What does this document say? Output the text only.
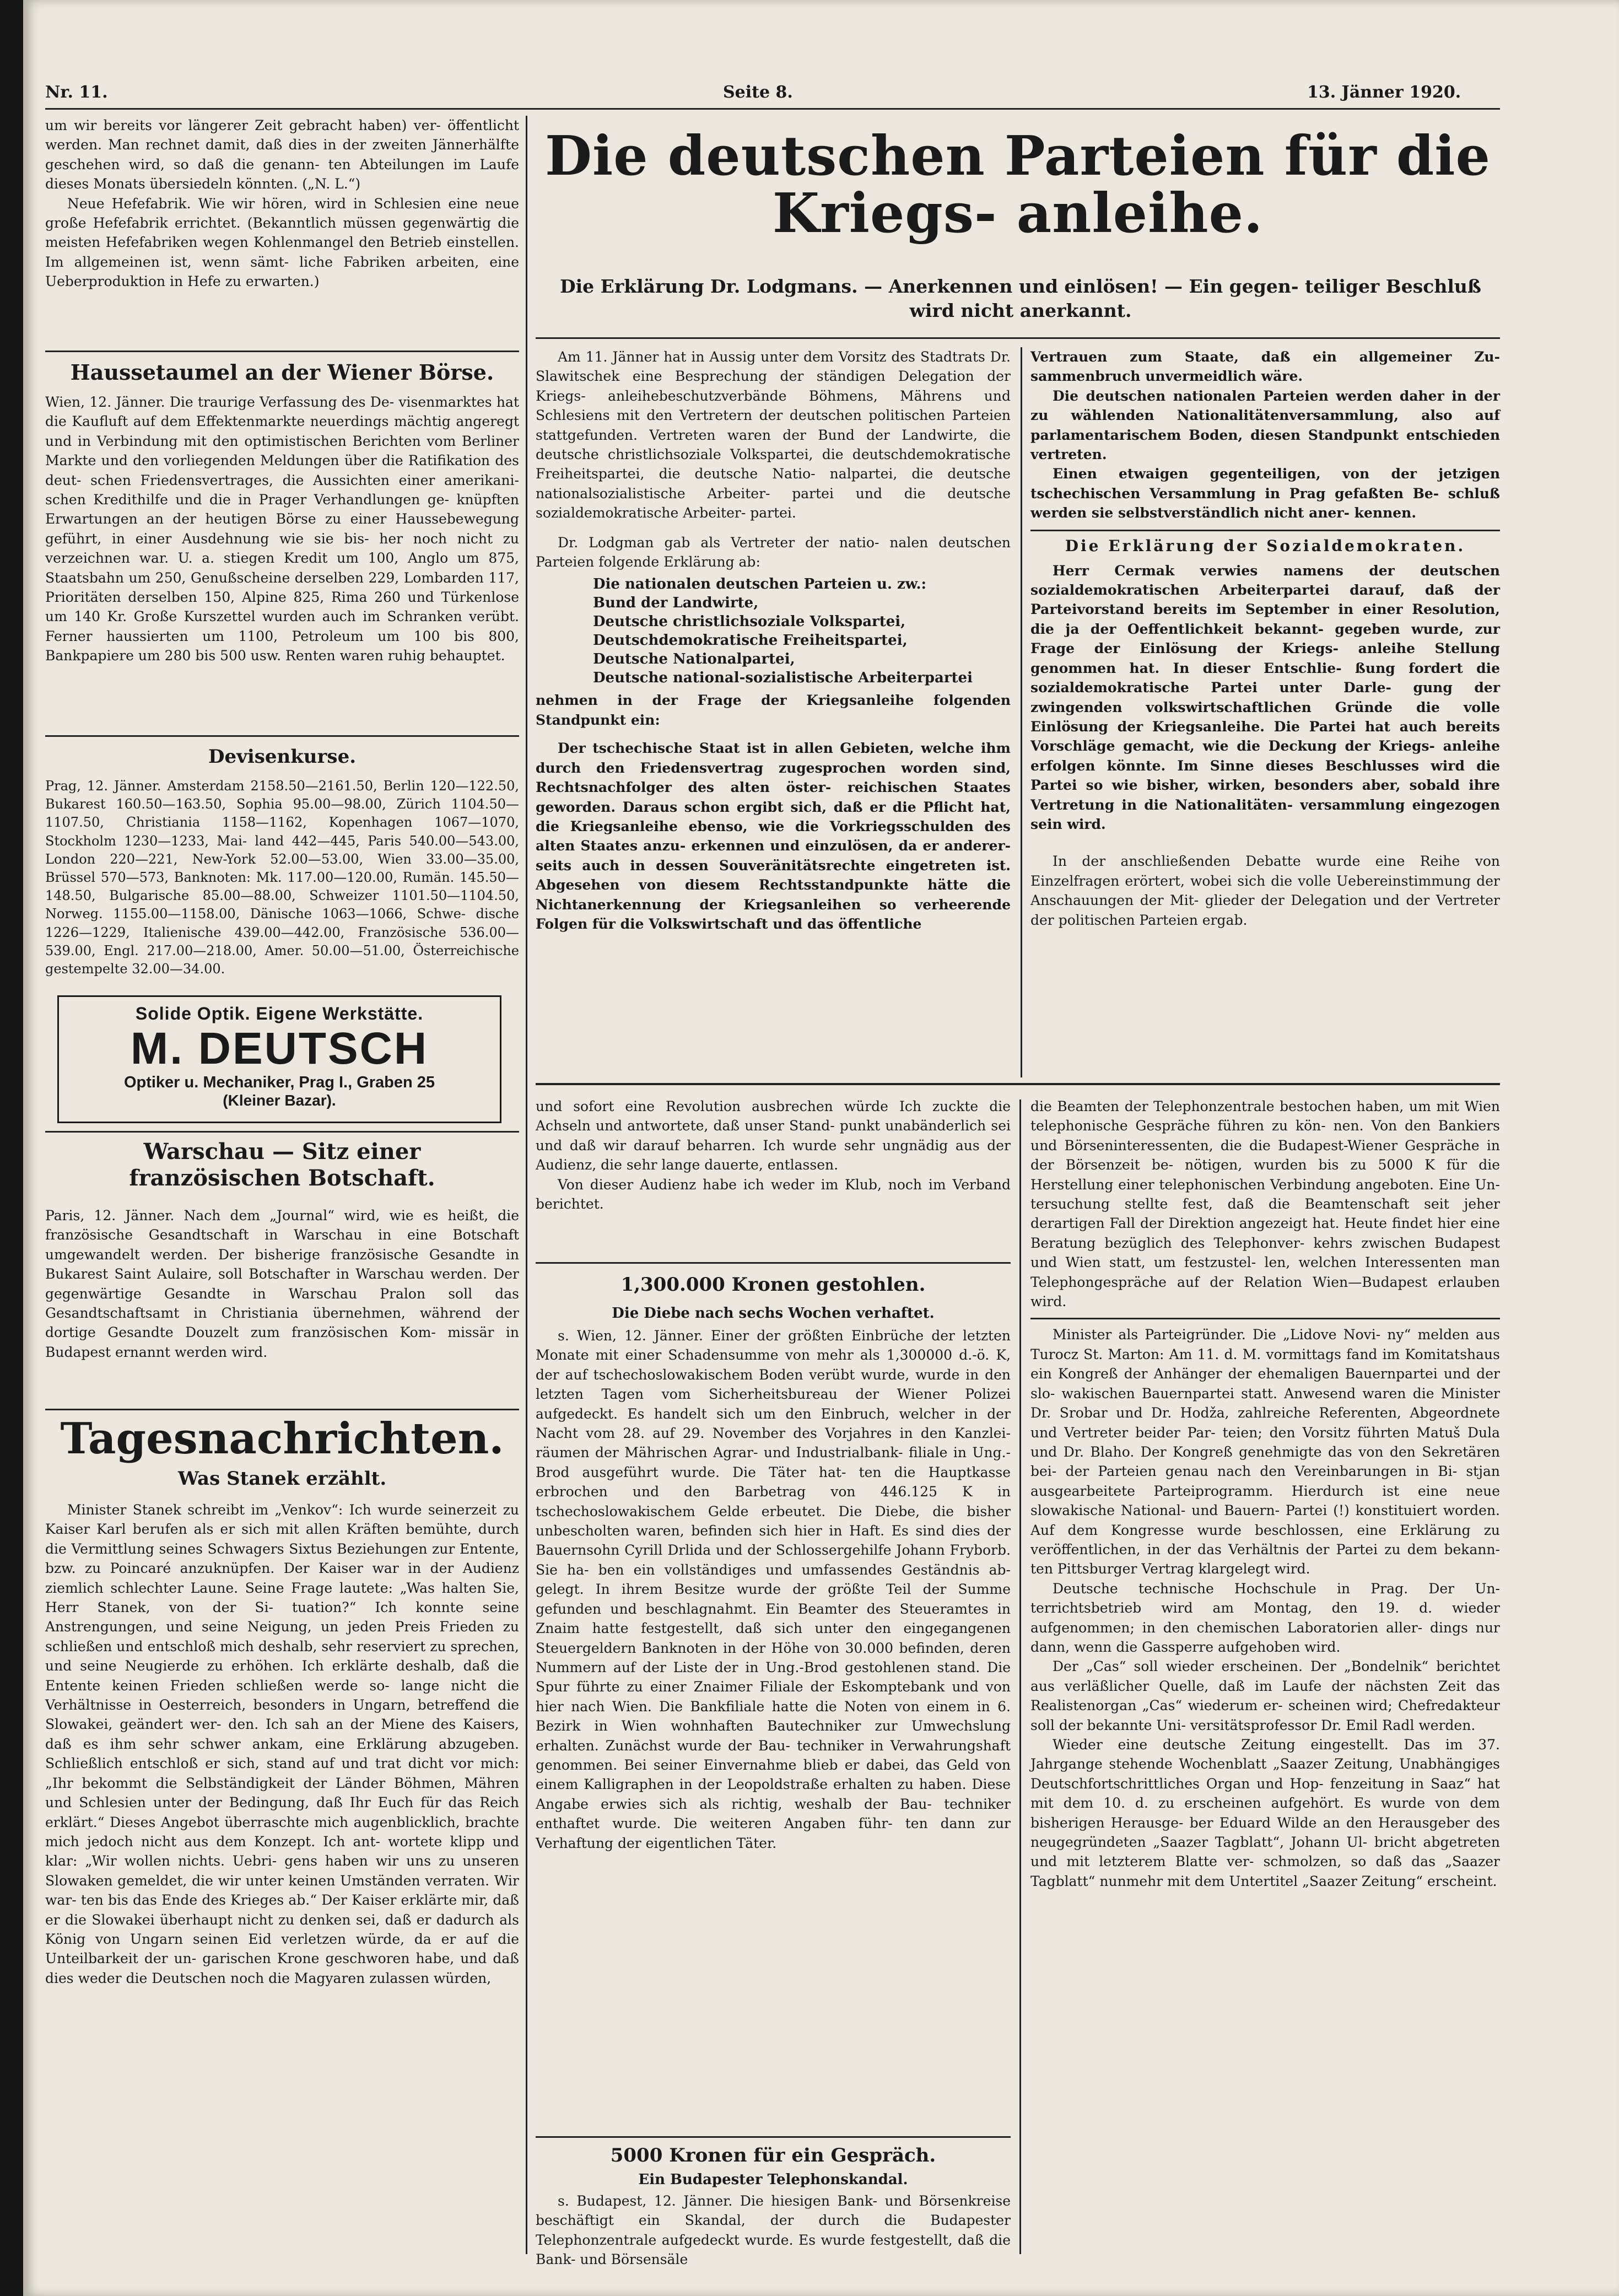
Nr. 11.	Seite 8.	13. Jänner 1920.

um wir bereits vor längerer Zeit gebracht haben) ver- öffentlicht werden. Man rechnet damit, daß dies in der zweiten Jännerhälfte geschehen wird, so daß die genann- ten Abteilungen im Laufe dieses Monats übersiedeln könnten. („N. L.“)

Neue Hefefabrik. Wie wir hören, wird in Schlesien eine neue große Hefefabrik errichtet. (Bekanntlich müssen gegenwärtig die meisten Hefefabriken wegen Kohlenmangel den Betrieb einstellen. Im allgemeinen ist, wenn sämt- liche Fabriken arbeiten, eine Ueberproduktion in Hefe zu erwarten.)

Haussetaumel an der Wiener Börse.
Wien, 12. Jänner. Die traurige Verfassung des De- visenmarktes hat die Kaufluft auf dem Effektenmarkte neuerdings mächtig angeregt und in Verbindung mit den optimistischen Berichten vom Berliner Markte und den vorliegenden Meldungen über die Ratifikation des deut- schen Friedensvertrages, die Aussichten einer amerikani- schen Kredithilfe und die in Prager Verhandlungen ge- knüpften Erwartungen an der heutigen Börse zu einer Haussebewegung geführt, in einer Ausdehnung wie sie bis- her noch nicht zu verzeichnen war. U. a. stiegen Kredit um 100, Anglo um 875, Staatsbahn um 250, Genußscheine derselben 229, Lombarden 117, Prioritäten derselben 150, Alpine 825, Rima 260 und Türkenlose um 140 Kr. Große Kurszettel wurden auch im Schranken verübt. Ferner haussierten um 1100, Petroleum um 100 bis 800, Bankpapiere um 280 bis 500 usw. Renten waren ruhig behauptet.
Devisenkurse.
Prag, 12. Jänner. Amsterdam 2158.50—2161.50, Berlin 120—122.50, Bukarest 160.50—163.50, Sophia 95.00—98.00, Zürich 1104.50—1107.50, Christiania 1158—1162, Kopenhagen 1067—1070, Stockholm 1230—1233, Mai- land 442—445, Paris 540.00—543.00, London 220—221, New-York 52.00—53.00, Wien 33.00—35.00, Brüssel 570—573, Banknoten: Mk. 117.00—120.00, Rumän. 145.50—148.50, Bulgarische 85.00—88.00, Schweizer 1101.50—1104.50, Norweg. 1155.00—1158.00, Dänische 1063—1066, Schwe- dische 1226—1229, Italienische 439.00—442.00, Französische 536.00—539.00, Engl. 217.00—218.00, Amer. 50.00—51.00, Österreichische gestempelte 32.00—34.00.
Solide Optik. Eigene Werkstätte.
M. DEUTSCH
Optiker u. Mechaniker, Prag I., Graben 25
(Kleiner Bazar).
Warschau — Sitz einer französischen Botschaft.
Paris, 12. Jänner. Nach dem „Journal“ wird, wie es heißt, die französische Gesandtschaft in Warschau in eine Botschaft umgewandelt werden. Der bisherige französische Gesandte in Bukarest Saint Aulaire, soll Botschafter in Warschau werden. Der gegenwärtige Gesandte in Warschau Pralon soll das Gesandtschaftsamt in Christiania übernehmen, während der dortige Gesandte Douzelt zum französischen Kom- missär in Budapest ernannt werden wird.
Tagesnachrichten.
Was Stanek erzählt.
Minister Stanek schreibt im „Venkov“: Ich wurde seinerzeit zu Kaiser Karl berufen als er sich mit allen Kräften bemühte, durch die Vermittlung seines Schwagers Sixtus Beziehungen zur Entente, bzw. zu Poincaré anzuknüpfen. Der Kaiser war in der Audienz ziemlich schlechter Laune. Seine Frage lautete: „Was halten Sie, Herr Stanek, von der Si- tuation?“ Ich konnte seine Anstrengungen, und seine Neigung, un jeden Preis Frieden zu schließen und entschloß mich deshalb, sehr reserviert zu sprechen, und seine Neugierde zu erhöhen. Ich erklärte deshalb, daß die Entente keinen Frieden schließen werde so- lange nicht die Verhältnisse in Oesterreich, besonders in Ungarn, betreffend die Slowakei, geändert wer- den. Ich sah an der Miene des Kaisers, daß es ihm sehr schwer ankam, eine Erklärung abzugeben. Schließlich entschloß er sich, stand auf und trat dicht vor mich: „Ihr bekommt die Selbständigkeit der Länder Böhmen, Mähren und Schlesien unter der Bedingung, daß Ihr Euch für das Reich erklärt.“ Dieses Angebot überraschte mich augenblicklich, brachte mich jedoch nicht aus dem Konzept. Ich ant- wortete klipp und klar: „Wir wollen nichts. Uebri- gens haben wir uns zu unseren Slowaken gemeldet, die wir unter keinen Umständen verraten. Wir war- ten bis das Ende des Krieges ab.“ Der Kaiser erklärte mir, daß er die Slowakei überhaupt nicht zu denken sei, daß er dadurch als König von Ungarn seinen Eid verletzen würde, da er auf die Unteilbarkeit der un- garischen Krone geschworen habe, und daß dies weder die Deutschen noch die Magyaren zulassen würden,
Die deutschen Parteien für die Kriegs- anleihe.
Die Erklärung Dr. Lodgmans. — Anerkennen und einlösen! — Ein gegen- teiliger Beschluß wird nicht anerkannt.

Am 11. Jänner hat in Aussig unter dem Vorsitz des Stadtrats Dr. Slawitschek eine Besprechung der ständigen Delegation der Kriegs- anleihebeschutzverbände Böhmens, Mährens und Schlesiens mit den Vertretern der deutschen politischen Parteien stattgefunden. Vertreten waren der Bund der Landwirte, die deutsche christlichsoziale Volkspartei, die deutschdemokratische Freiheitspartei, die deutsche Natio- nalpartei, die deutsche nationalsozialistische Arbeiter- partei und die deutsche sozialdemokratische Arbeiter- partei.

Dr. Lodgman gab als Vertreter der natio- nalen deutschen Parteien folgende Erklärung ab:

Die nationalen deutschen Parteien u. zw.:
Bund der Landwirte,
Deutsche christlichsoziale Volkspartei,
Deutschdemokratische Freiheitspartei,
Deutsche Nationalpartei,
Deutsche national-sozialistische Arbeiterpartei

nehmen in der Frage der Kriegsanleihe folgenden Standpunkt ein:

Der tschechische Staat ist in allen Gebieten, welche ihm durch den Friedensvertrag zugesprochen worden sind, Rechtsnachfolger des alten öster- reichischen Staates geworden. Daraus schon ergibt sich, daß er die Pflicht hat, die Kriegsanleihe ebenso, wie die Vorkriegsschulden des alten Staates anzu- erkennen und einzulösen, da er anderer- seits auch in dessen Souveränitätsrechte eingetreten ist. Abgesehen von diesem Rechtsstandpunkte hätte die Nichtanerkennung der Kriegsanleihen so verheerende Folgen für die Volkswirtschaft und das öffentliche

Vertrauen zum Staate, daß ein allgemeiner Zu- sammenbruch unvermeidlich wäre.

Die deutschen nationalen Parteien werden daher in der zu wählenden Nationalitätenversammlung, also auf parlamentarischem Boden, diesen Standpunkt entschieden vertreten.

Einen etwaigen gegenteiligen, von der jetzigen tschechischen Versammlung in Prag gefaßten Be- schluß werden sie selbstverständlich nicht aner- kennen.

Die Erklärung der Sozialdemokraten.

Herr Cermak verwies namens der deutschen sozialdemokratischen Arbeiterpartei darauf, daß der Parteivorstand bereits im September in einer Resolution, die ja der Oeffentlichkeit bekannt- gegeben wurde, zur Frage der Einlösung der Kriegs- anleihe Stellung genommen hat. In dieser Entschlie- ßung fordert die sozialdemokratische Partei unter Darle- gung der zwingenden volkswirtschaftlichen Gründe die volle Einlösung der Kriegsanleihe. Die Partei hat auch bereits Vorschläge gemacht, wie die Deckung der Kriegs- anleihe erfolgen könnte. Im Sinne dieses Beschlusses wird die Partei so wie bisher, wirken, besonders aber, sobald ihre Vertretung in die Nationalitäten- versammlung eingezogen sein wird.

In der anschließenden Debatte wurde eine Reihe von Einzelfragen erörtert, wobei sich die volle Uebereinstimmung der Anschauungen der Mit- glieder der Delegation und der Vertreter der politischen Parteien ergab.

und sofort eine Revolution ausbrechen würde Ich zuckte die Achseln und antwortete, daß unser Stand- punkt unabänderlich sei und daß wir darauf beharren. Ich wurde sehr ungnädig aus der Audienz, die sehr lange dauerte, entlassen.

Von dieser Audienz habe ich weder im Klub, noch im Verband berichtet.

1,300.000 Kronen gestohlen.
Die Diebe nach sechs Wochen verhaftet.
s. Wien, 12. Jänner. Einer der größten Einbrüche der letzten Monate mit einer Schadensumme von mehr als 1,300000 d.-ö. K, der auf tschechoslowakischem Boden verübt wurde, wurde in den letzten Tagen vom Sicherheitsbureau der Wiener Polizei aufgedeckt. Es handelt sich um den Einbruch, welcher in der Nacht vom 28. auf 29. November des Vorjahres in den Kanzlei- räumen der Mährischen Agrar- und Industrialbank- filiale in Ung.-Brod ausgeführt wurde. Die Täter hat- ten die Hauptkasse erbrochen und den Barbetrag von 446.125 K in tschechoslowakischem Gelde erbeutet. Die Diebe, die bisher unbescholten waren, befinden sich hier in Haft. Es sind dies der Bauernsohn Cyrill Drlida und der Schlossergehilfe Johann Fryborb. Sie ha- ben ein vollständiges und umfassendes Geständnis ab- gelegt. In ihrem Besitze wurde der größte Teil der Summe gefunden und beschlagnahmt. Ein Beamter des Steueramtes in Znaim hatte festgestellt, daß sich unter den eingegangenen Steuergeldern Banknoten in der Höhe von 30.000 befinden, deren Nummern auf der Liste der in Ung.-Brod gestohlenen stand. Die Spur führte zu einer Znaimer Filiale der Eskomptebank und von hier nach Wien. Die Bankfiliale hatte die Noten von einem in 6. Bezirk in Wien wohnhaften Bautechniker zur Umwechslung erhalten. Zunächst wurde der Bau- techniker in Verwahrungshaft genommen. Bei seiner Einvernahme blieb er dabei, das Geld von einem Kalligraphen in der Leopoldstraße erhalten zu haben. Diese Angabe erwies sich als richtig, weshalb der Bau- techniker enthaftet wurde. Die weiteren Angaben führ- ten dann zur Verhaftung der eigentlichen Täter.
5000 Kronen für ein Gespräch.
Ein Budapester Telephonskandal.
s. Budapest, 12. Jänner. Die hiesigen Bank- und Börsenkreise beschäftigt ein Skandal, der durch die Budapester Telephonzentrale aufgedeckt wurde. Es wurde festgestellt, daß die Bank- und Börsensäle

die Beamten der Telephonzentrale bestochen haben, um mit Wien telephonische Gespräche führen zu kön- nen. Von den Bankiers und Börseninteressenten, die die Budapest-Wiener Gespräche in der Börsenzeit be- nötigen, wurden bis zu 5000 K für die Herstellung einer telephonischen Verbindung angeboten. Eine Un- tersuchung stellte fest, daß die Beamtenschaft seit jeher derartigen Fall der Direktion angezeigt hat. Heute findet hier eine Beratung bezüglich des Telephonver- kehrs zwischen Budapest und Wien statt, um festzustel- len, welchen Interessenten man Telephongespräche auf der Relation Wien—Budapest erlauben wird.

Minister als Parteigründer. Die „Lidove Novi- ny“ melden aus Turocz St. Marton: Am 11. d. M. vormittags fand im Komitatshaus ein Kongreß der Anhänger der ehemaligen Bauernpartei und der slo- wakischen Bauernpartei statt. Anwesend waren die Minister Dr. Srobar und Dr. Hodža, zahlreiche Referenten, Abgeordnete und Vertreter beider Par- teien; den Vorsitz führten Matuš Dula und Dr. Blaho. Der Kongreß genehmigte das von den Sekretären bei- der Parteien genau nach den Vereinbarungen in Bi- stjan ausgearbeitete Parteiprogramm. Hierdurch ist eine neue slowakische National- und Bauern- Partei (!) konstituiert worden. Auf dem Kongresse wurde beschlossen, eine Erklärung zu veröffentlichen, in der das Verhältnis der Partei zu dem bekann- ten Pittsburger Vertrag klargelegt wird.

Deutsche technische Hochschule in Prag. Der Un- terrichtsbetrieb wird am Montag, den 19. d. wieder aufgenommen; in den chemischen Laboratorien aller- dings nur dann, wenn die Gassperre aufgehoben wird.

Der „Cas“ soll wieder erscheinen. Der „Bondelnik“ berichtet aus verläßlicher Quelle, daß im Laufe der nächsten Zeit das Realistenorgan „Cas“ wiederum er- scheinen wird; Chefredakteur soll der bekannte Uni- versitätsprofessor Dr. Emil Radl werden.

Wieder eine deutsche Zeitung eingestellt. Das im 37. Jahrgange stehende Wochenblatt „Saazer Zeitung, Unabhängiges Deutschfortschrittliches Organ und Hop- fenzeitung in Saaz“ hat mit dem 10. d. zu erscheinen aufgehört. Es wurde von dem bisherigen Herausge- ber Eduard Wilde an den Herausgeber des neugegründeten „Saazer Tagblatt“, Johann Ul- bricht abgetreten und mit letzterem Blatte ver- schmolzen, so daß das „Saazer Tagblatt“ nunmehr mit dem Untertitel „Saazer Zeitung“ erscheint.
